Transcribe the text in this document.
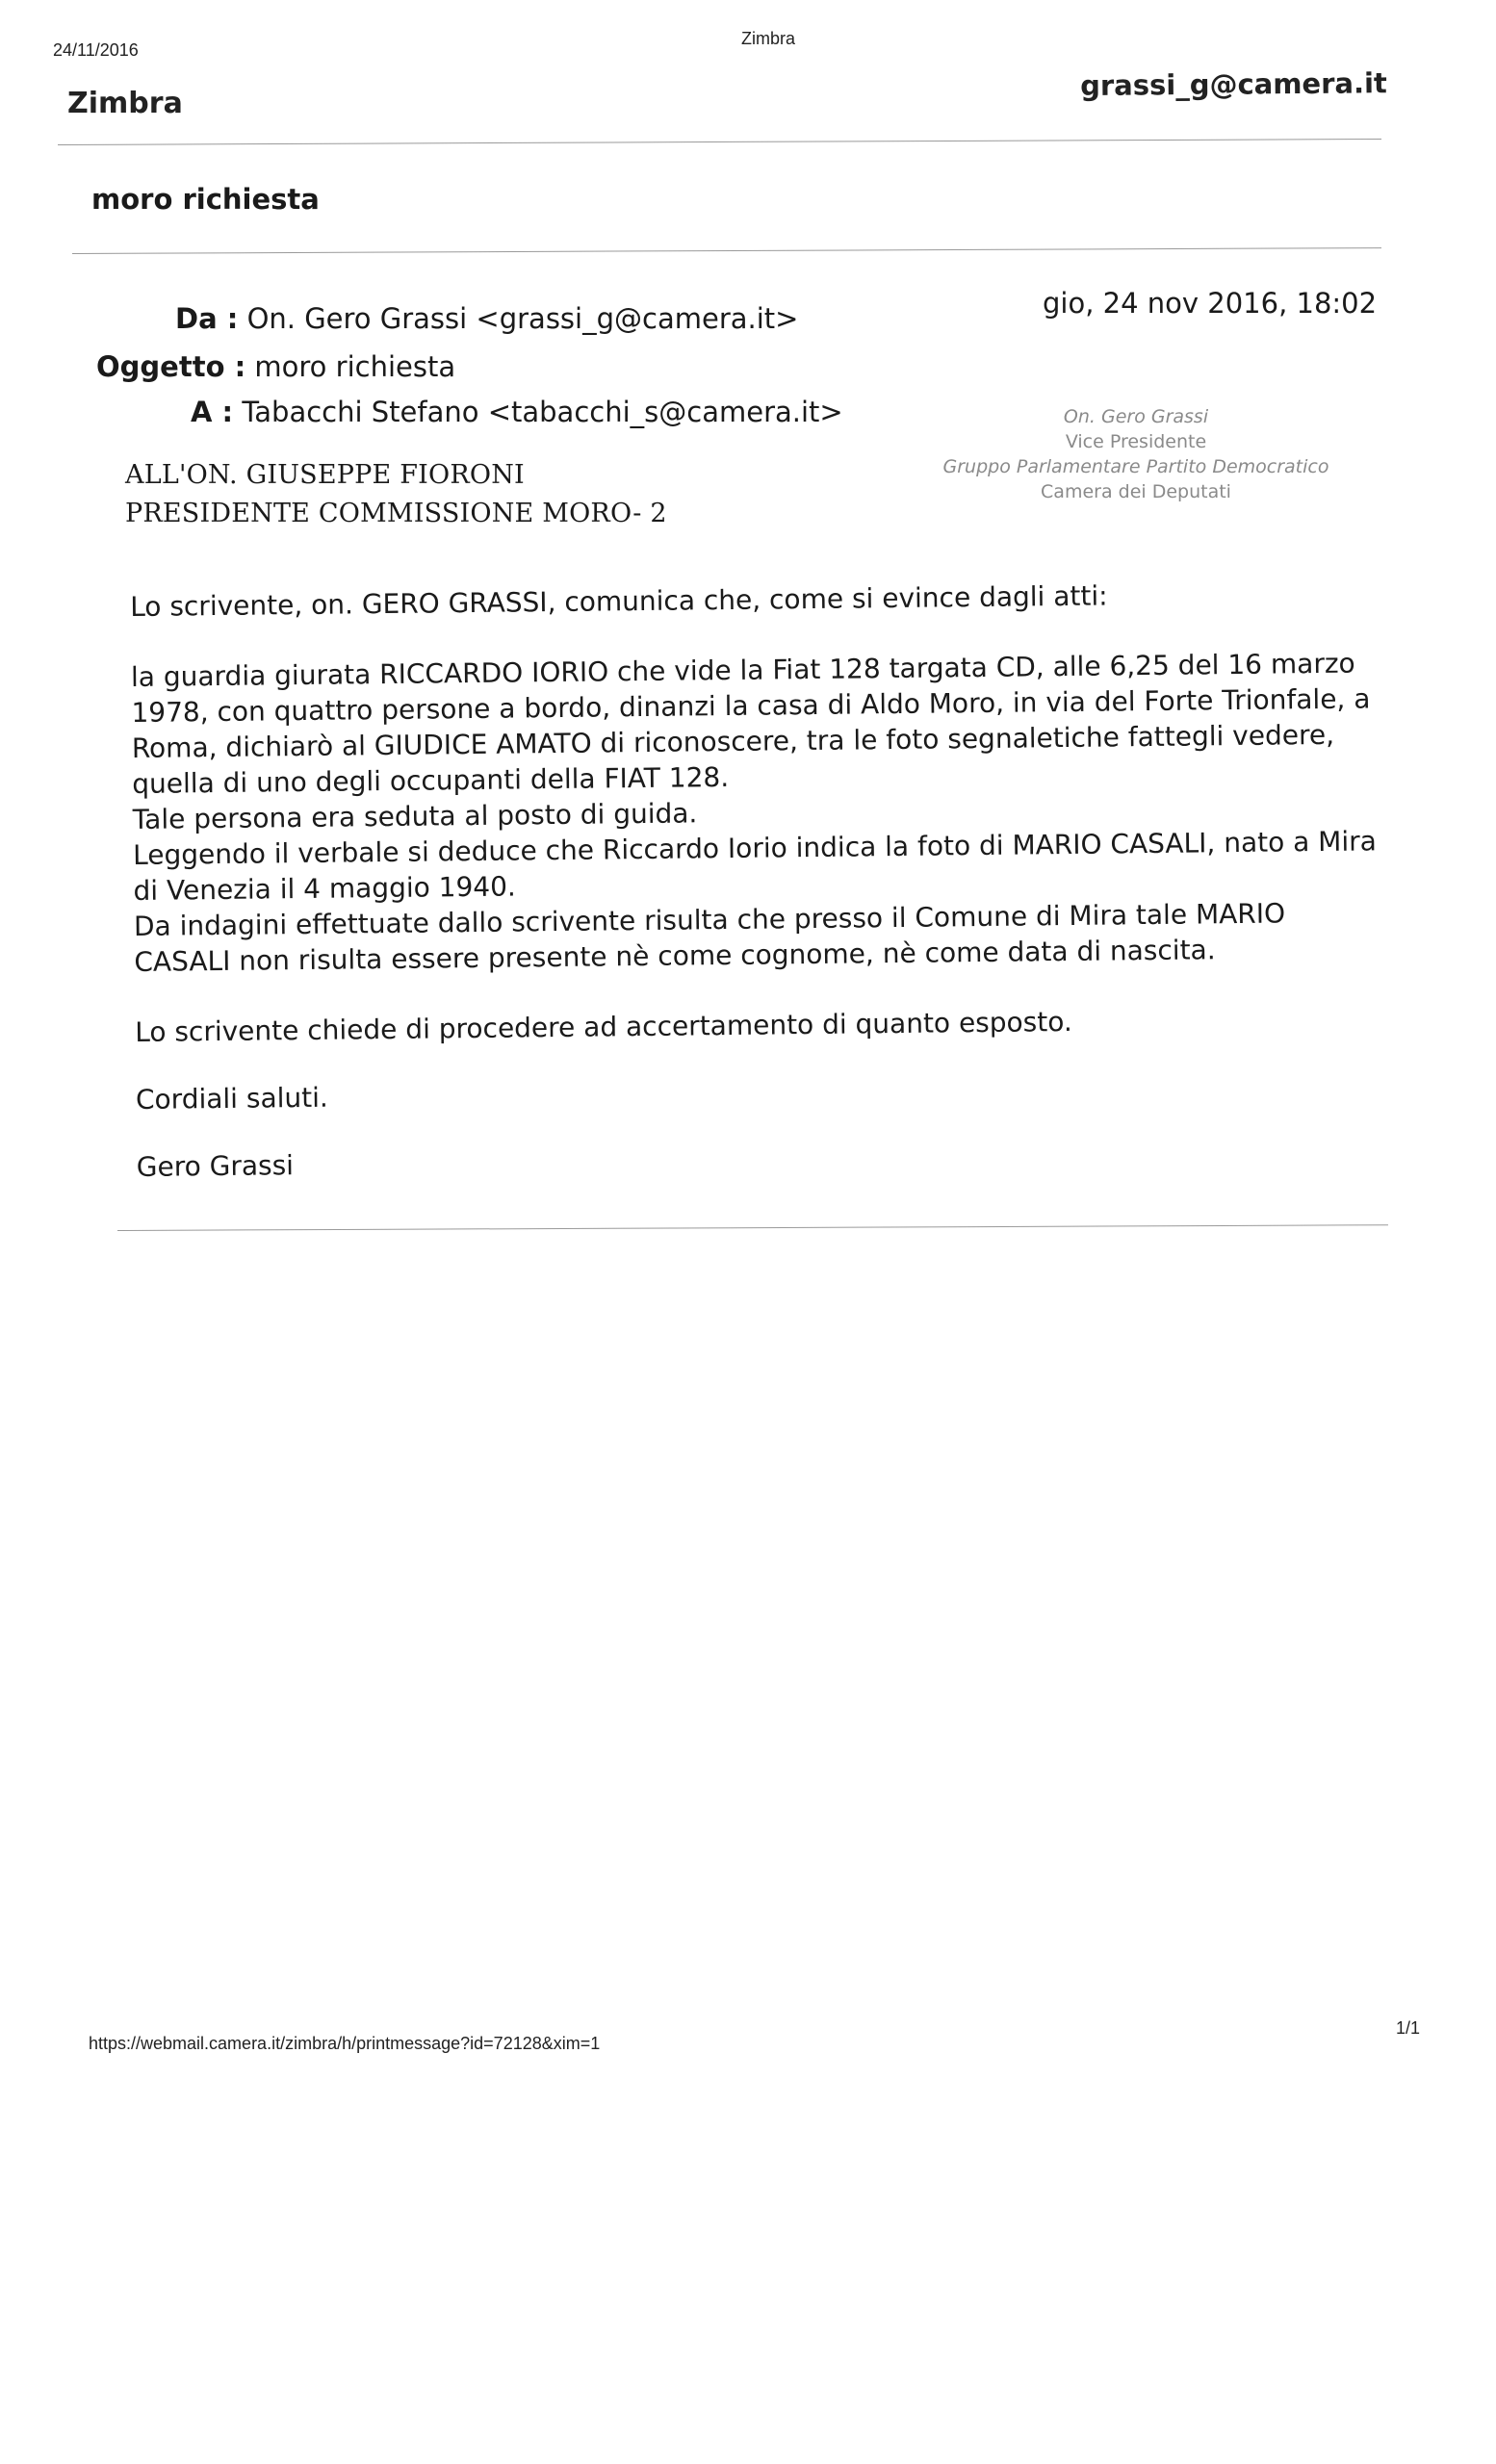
24/11/2016
Zimbra
Zimbra
grassi_g@camera.it
moro richiesta
Da : On. Gero Grassi <grassi_g@camera.it>	gio, 24 nov 2016, 18:02
Oggetto : moro richiesta
A : Tabacchi Stefano <tabacchi_s@camera.it>
ALL'ON. GIUSEPPE FIORONI
PRESIDENTE COMMISSIONE MORO- 2
On. Gero Grassi
Vice Presidente
Gruppo Parlamentare Partito Democratico
Camera dei Deputati

Lo scrivente, on. GERO GRASSI, comunica che, come si evince dagli atti:

la guardia giurata RICCARDO IORIO che vide la Fiat 128 targata CD, alle 6,25 del 16 marzo

1978, con quattro persone a bordo, dinanzi la casa di Aldo Moro, in via del Forte Trionfale, a

Roma, dichiarò al GIUDICE AMATO di riconoscere, tra le foto segnaletiche fattegli vedere,

quella di uno degli occupanti della FIAT 128.

Tale persona era seduta al posto di guida.

Leggendo il verbale si deduce che Riccardo Iorio indica la foto di MARIO CASALI, nato a Mira

di Venezia il 4 maggio 1940.

Da indagini effettuate dallo scrivente risulta che presso il Comune di Mira tale MARIO

CASALI non risulta essere presente nè come cognome, nè come data di nascita.

Lo scrivente chiede di procedere ad accertamento di quanto esposto.

Cordiali saluti.

Gero Grassi

https://webmail.camera.it/zimbra/h/printmessage?id=72128&xim=1
1/1
